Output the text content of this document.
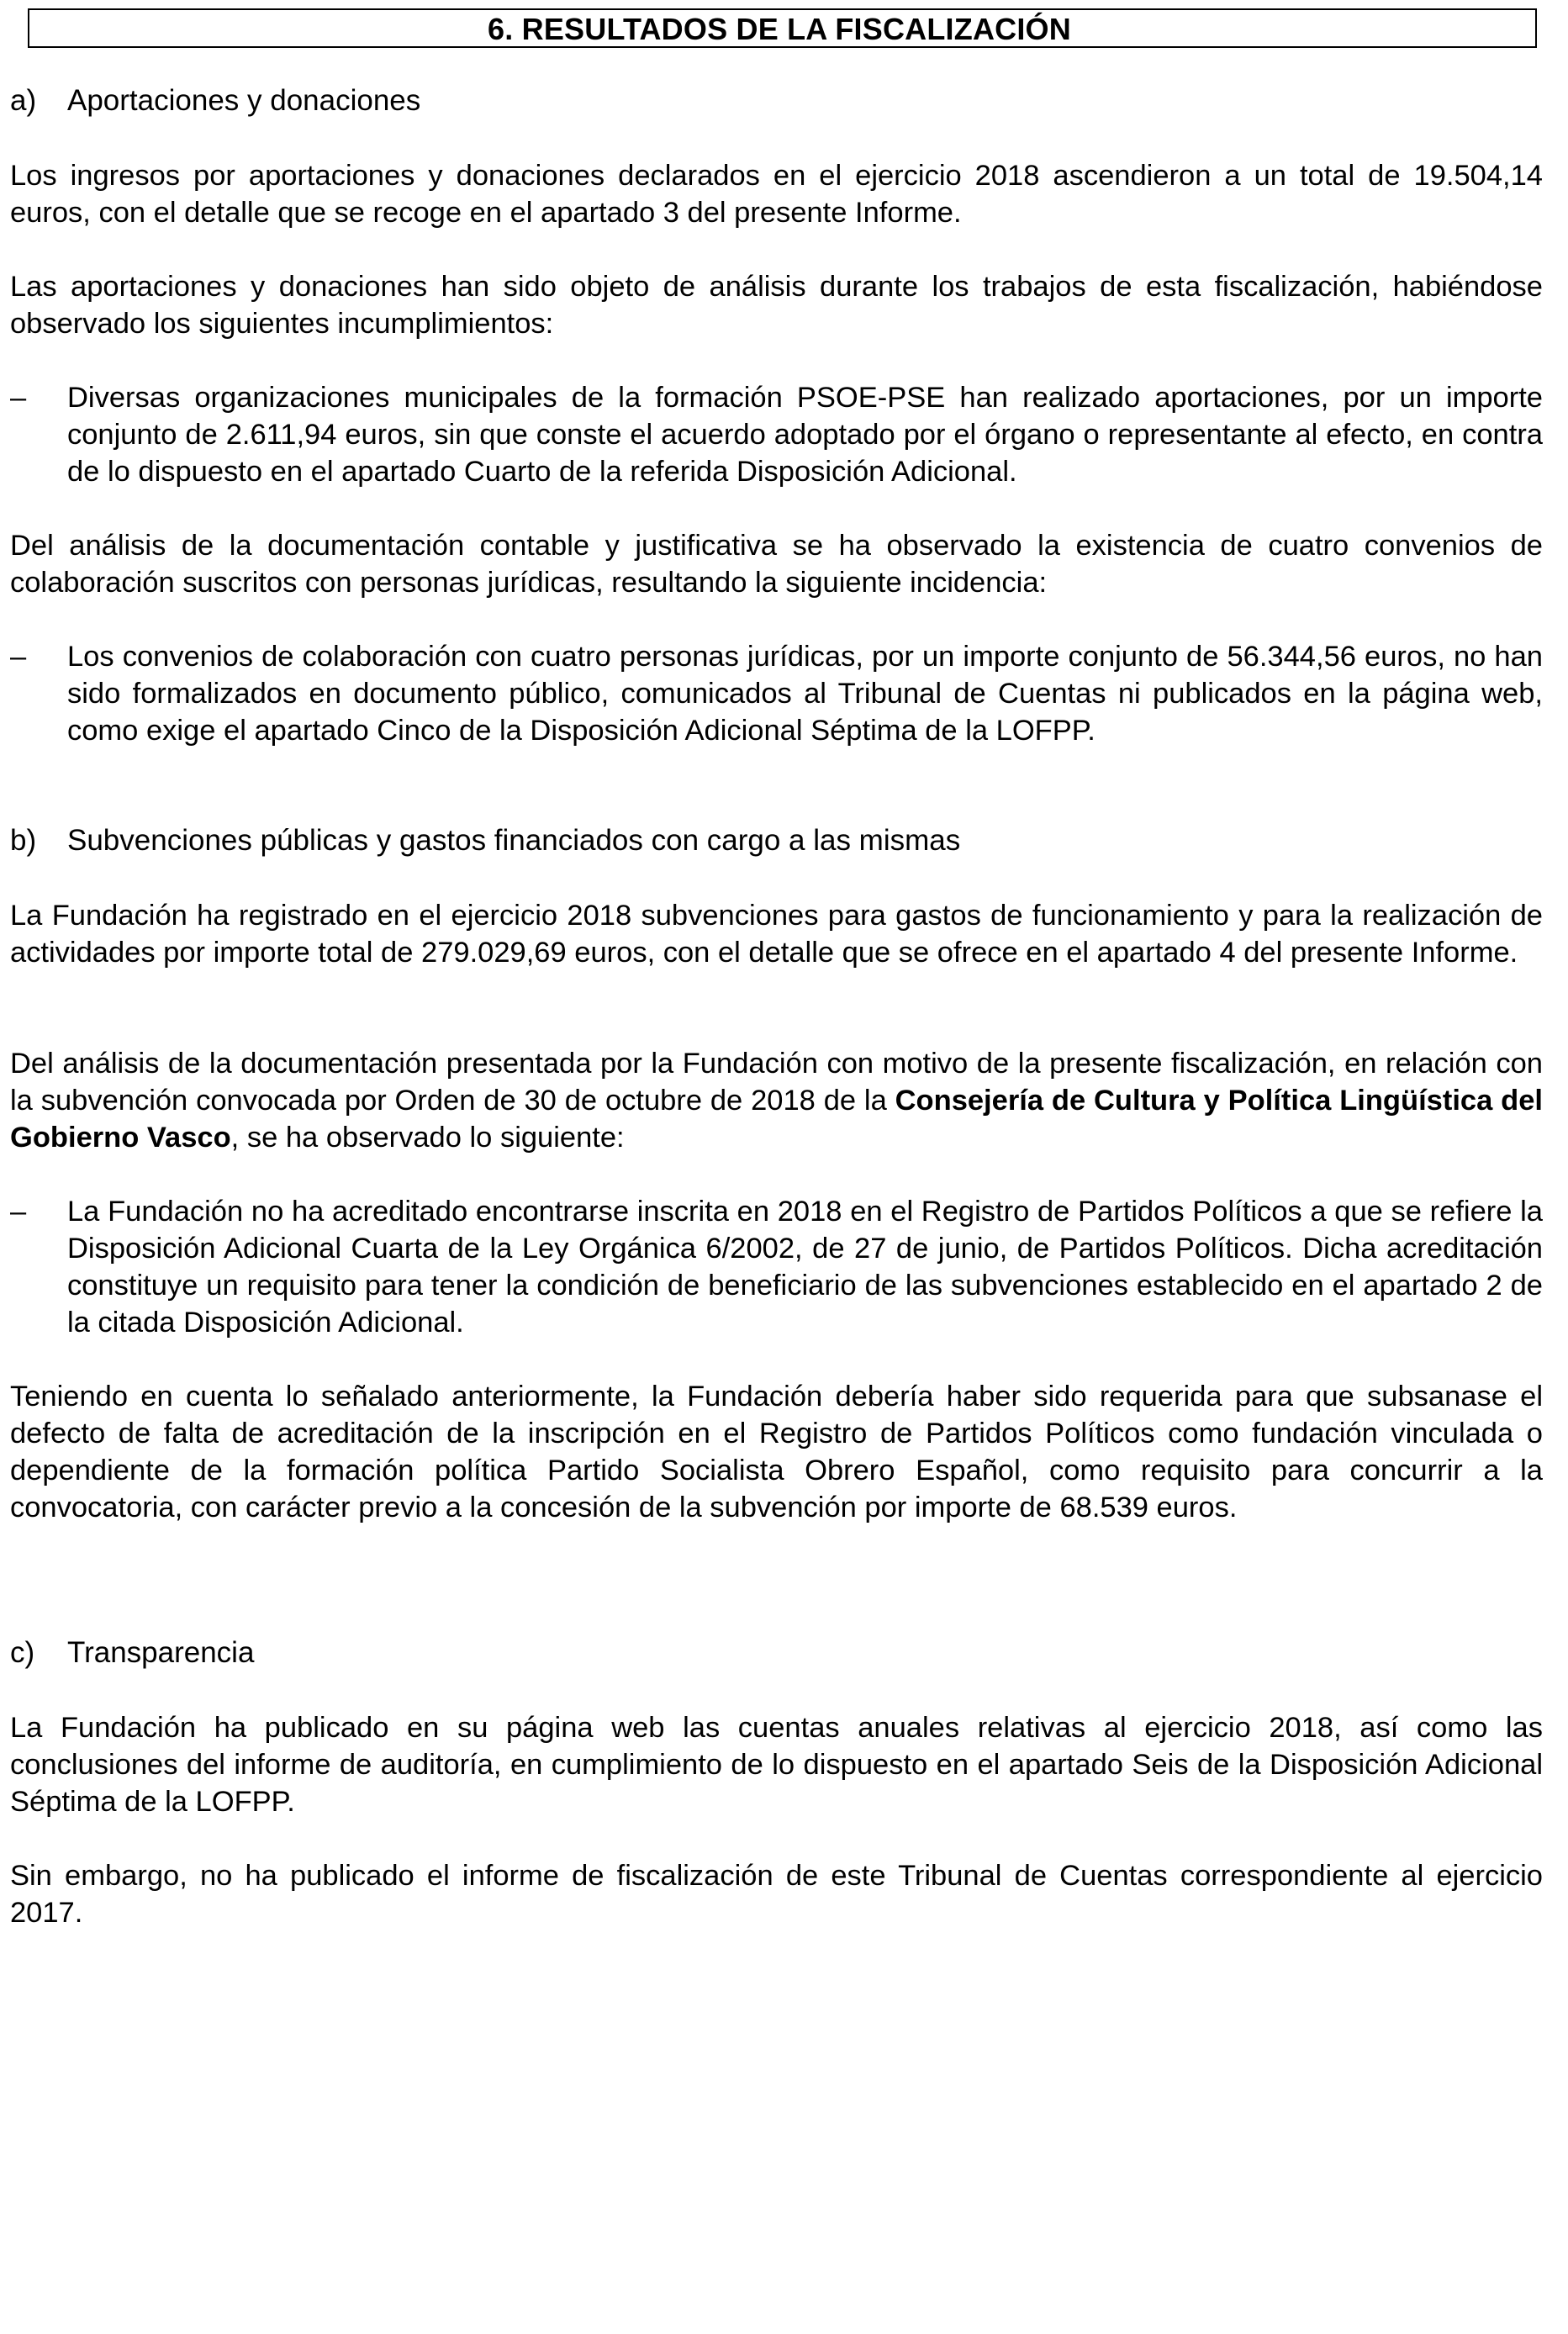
6. RESULTADOS DE LA FISCALIZACIÓN
a) Aportaciones y donaciones
Los ingresos por aportaciones y donaciones declarados en el ejercicio 2018 ascendieron a un total de 19.504,14 euros, con el detalle que se recoge en el apartado 3 del presente Informe.
Las aportaciones y donaciones han sido objeto de análisis durante los trabajos de esta fiscalización, habiéndose observado los siguientes incumplimientos:
– Diversas organizaciones municipales de la formación PSOE-PSE han realizado aportaciones, por un importe conjunto de 2.611,94 euros, sin que conste el acuerdo adoptado por el órgano o representante al efecto, en contra de lo dispuesto en el apartado Cuarto de la referida Disposición Adicional.
Del análisis de la documentación contable y justificativa se ha observado la existencia de cuatro convenios de colaboración suscritos con personas jurídicas, resultando la siguiente incidencia:
– Los convenios de colaboración con cuatro personas jurídicas, por un importe conjunto de 56.344,56 euros, no han sido formalizados en documento público, comunicados al Tribunal de Cuentas ni publicados en la página web, como exige el apartado Cinco de la Disposición Adicional Séptima de la LOFPP.
b) Subvenciones públicas y gastos financiados con cargo a las mismas
La Fundación ha registrado en el ejercicio 2018 subvenciones para gastos de funcionamiento y para la realización de actividades por importe total de 279.029,69 euros, con el detalle que se ofrece en el apartado 4 del presente Informe.
Del análisis de la documentación presentada por la Fundación con motivo de la presente fiscalización, en relación con la subvención convocada por Orden de 30 de octubre de 2018 de la Consejería de Cultura y Política Lingüística del Gobierno Vasco, se ha observado lo siguiente:
– La Fundación no ha acreditado encontrarse inscrita en 2018 en el Registro de Partidos Políticos a que se refiere la Disposición Adicional Cuarta de la Ley Orgánica 6/2002, de 27 de junio, de Partidos Políticos. Dicha acreditación constituye un requisito para tener la condición de beneficiario de las subvenciones establecido en el apartado 2 de la citada Disposición Adicional.
Teniendo en cuenta lo señalado anteriormente, la Fundación debería haber sido requerida para que subsanase el defecto de falta de acreditación de la inscripción en el Registro de Partidos Políticos como fundación vinculada o dependiente de la formación política Partido Socialista Obrero Español, como requisito para concurrir a la convocatoria, con carácter previo a la concesión de la subvención por importe de 68.539 euros.
c) Transparencia
La Fundación ha publicado en su página web las cuentas anuales relativas al ejercicio 2018, así como las conclusiones del informe de auditoría, en cumplimiento de lo dispuesto en el apartado Seis de la Disposición Adicional Séptima de la LOFPP.
Sin embargo, no ha publicado el informe de fiscalización de este Tribunal de Cuentas correspondiente al ejercicio 2017.
